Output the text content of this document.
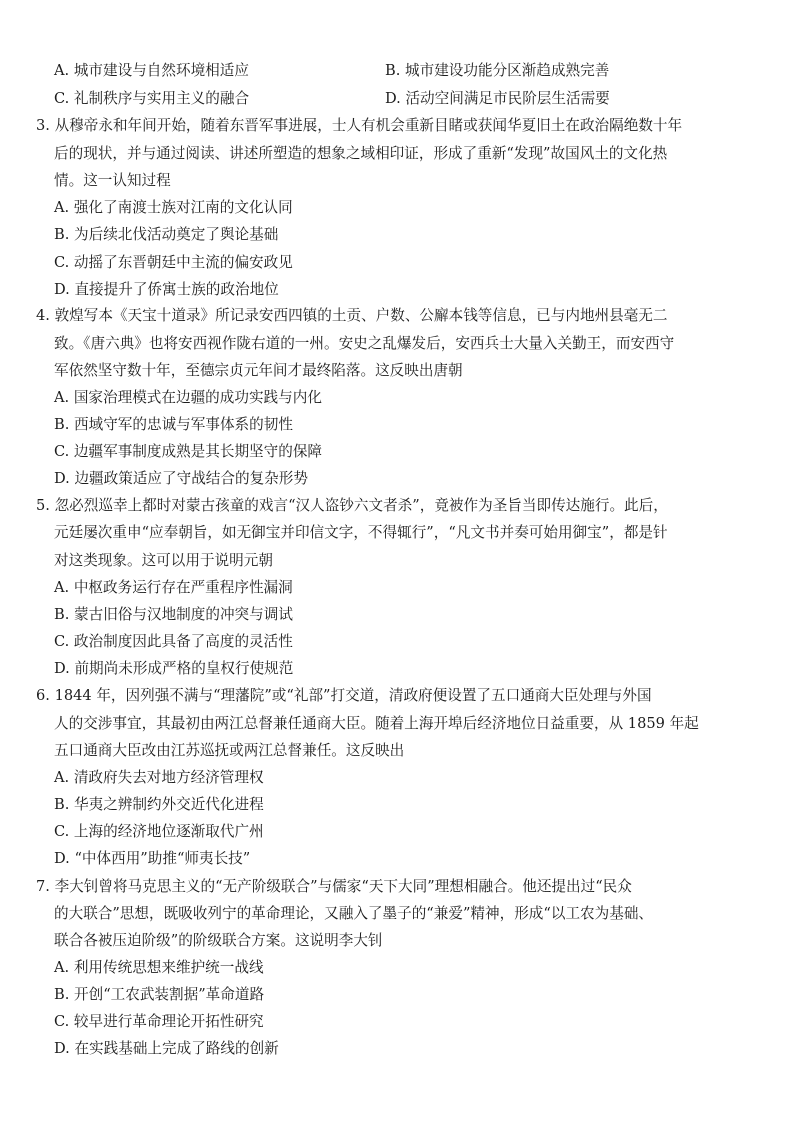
A. 城市建设与自然环境相适应	B. 城市建设功能分区渐趋成熟完善
C. 礼制秩序与实用主义的融合	D. 活动空间满足市民阶层生活需要
3. 从穆帝永和年间开始，随着东晋军事进展，士人有机会重新目睹或获闻华夏旧土在政治隔绝数十年
后的现状，并与通过阅读、讲述所塑造的想象之域相印证，形成了重新“发现”故国风土的文化热
情。这一认知过程
A. 强化了南渡士族对江南的文化认同
B. 为后续北伐活动奠定了舆论基础
C. 动摇了东晋朝廷中主流的偏安政见
D. 直接提升了侨寓士族的政治地位
4. 敦煌写本《天宝十道录》所记录安西四镇的土贡、户数、公廨本钱等信息，已与内地州县毫无二
致。《唐六典》也将安西视作陇右道的一州。安史之乱爆发后，安西兵士大量入关勤王，而安西守
军依然坚守数十年，至德宗贞元年间才最终陷落。这反映出唐朝
A. 国家治理模式在边疆的成功实践与内化
B. 西域守军的忠诚与军事体系的韧性
C. 边疆军事制度成熟是其长期坚守的保障
D. 边疆政策适应了守战结合的复杂形势
5. 忽必烈巡幸上都时对蒙古孩童的戏言“汉人盗钞六文者杀”，竟被作为圣旨当即传达施行。此后，
元廷屡次重申“应奉朝旨，如无御宝并印信文字，不得辄行”，“凡文书并奏可始用御宝”，都是针
对这类现象。这可以用于说明元朝
A. 中枢政务运行存在严重程序性漏洞
B. 蒙古旧俗与汉地制度的冲突与调试
C. 政治制度因此具备了高度的灵活性
D. 前期尚未形成严格的皇权行使规范
6. 1844 年，因列强不满与“理藩院”或“礼部”打交道，清政府便设置了五口通商大臣处理与外国
人的交涉事宜，其最初由两江总督兼任通商大臣。随着上海开埠后经济地位日益重要，从 1859 年起
五口通商大臣改由江苏巡抚或两江总督兼任。这反映出
A. 清政府失去对地方经济管理权
B. 华夷之辨制约外交近代化进程
C. 上海的经济地位逐渐取代广州
D. “中体西用”助推“师夷长技”
7. 李大钊曾将马克思主义的“无产阶级联合”与儒家“天下大同”理想相融合。他还提出过“民众
的大联合”思想，既吸收列宁的革命理论，又融入了墨子的“兼爱”精神，形成“以工农为基础、
联合各被压迫阶级”的阶级联合方案。这说明李大钊
A. 利用传统思想来维护统一战线
B. 开创“工农武装割据”革命道路
C. 较早进行革命理论开拓性研究
D. 在实践基础上完成了路线的创新
